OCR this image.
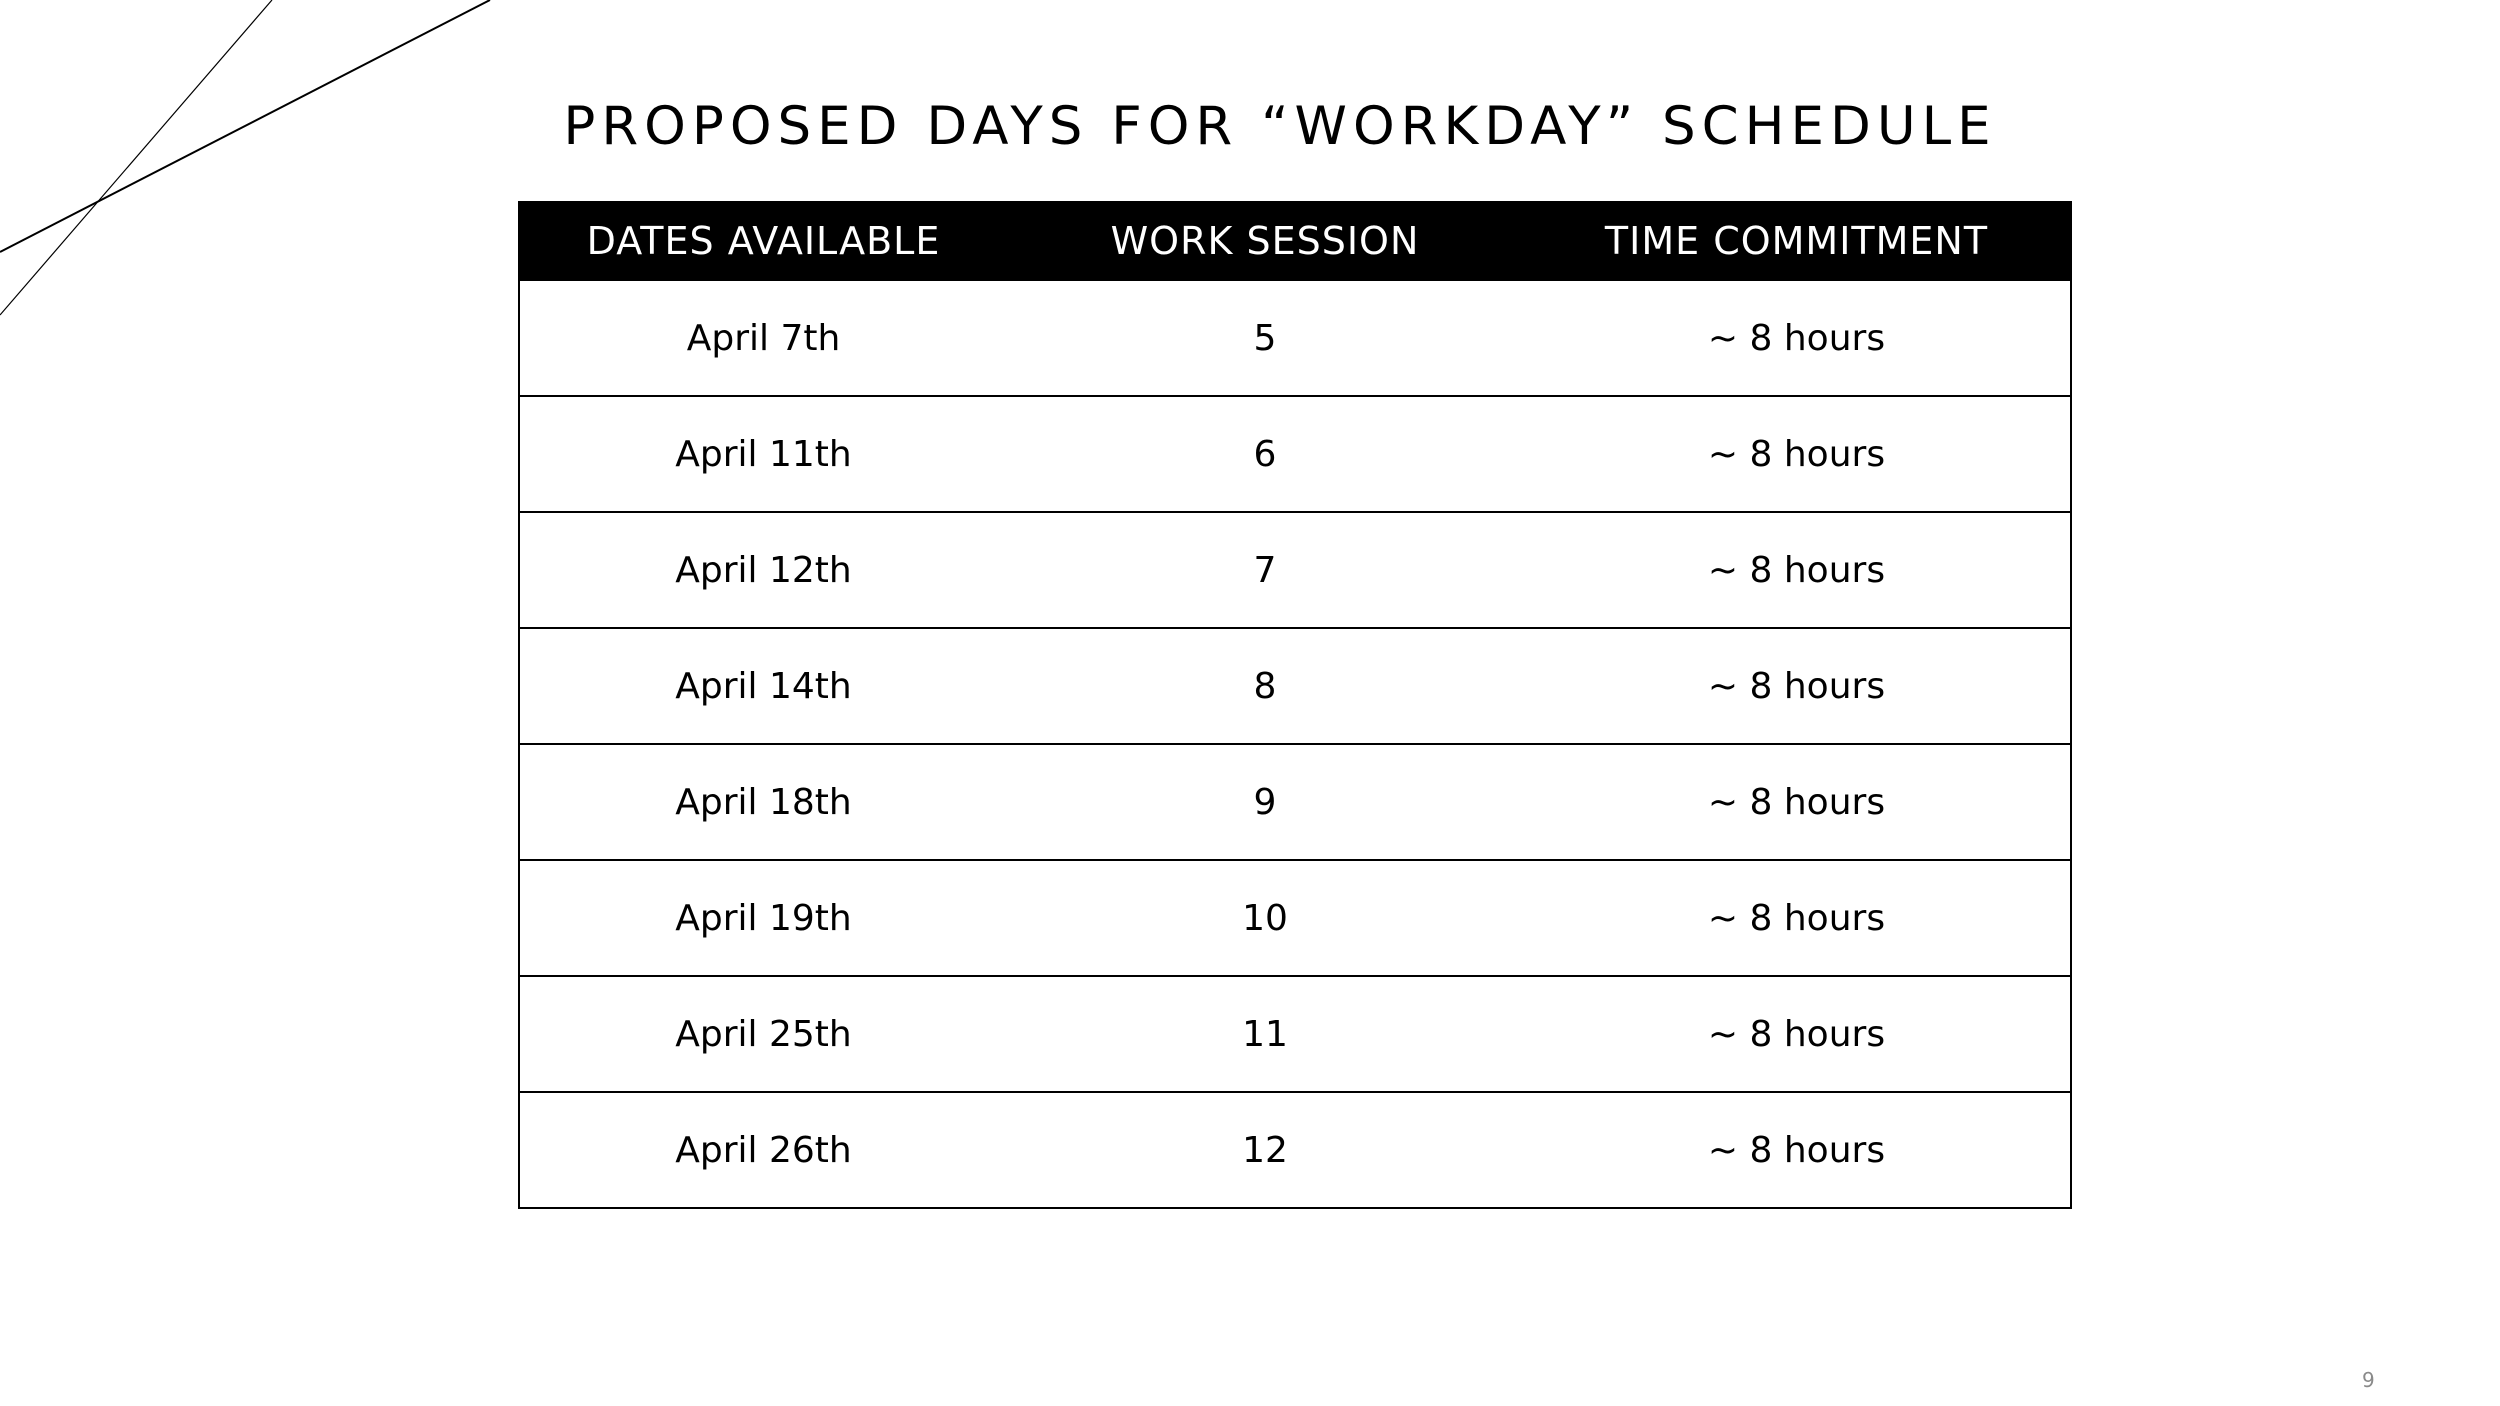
PROPOSED DAYS FOR “WORKDAY” SCHEDULE
DATES AVAILABLE	WORK SESSION	TIME COMMITMENT
April 7th	5	~ 8 hours
April 11th	6	~ 8 hours
April 12th	7	~ 8 hours
April 14th	8	~ 8 hours
April 18th	9	~ 8 hours
April 19th	10	~ 8 hours
April 25th	11	~ 8 hours
April 26th	12	~ 8 hours
9
